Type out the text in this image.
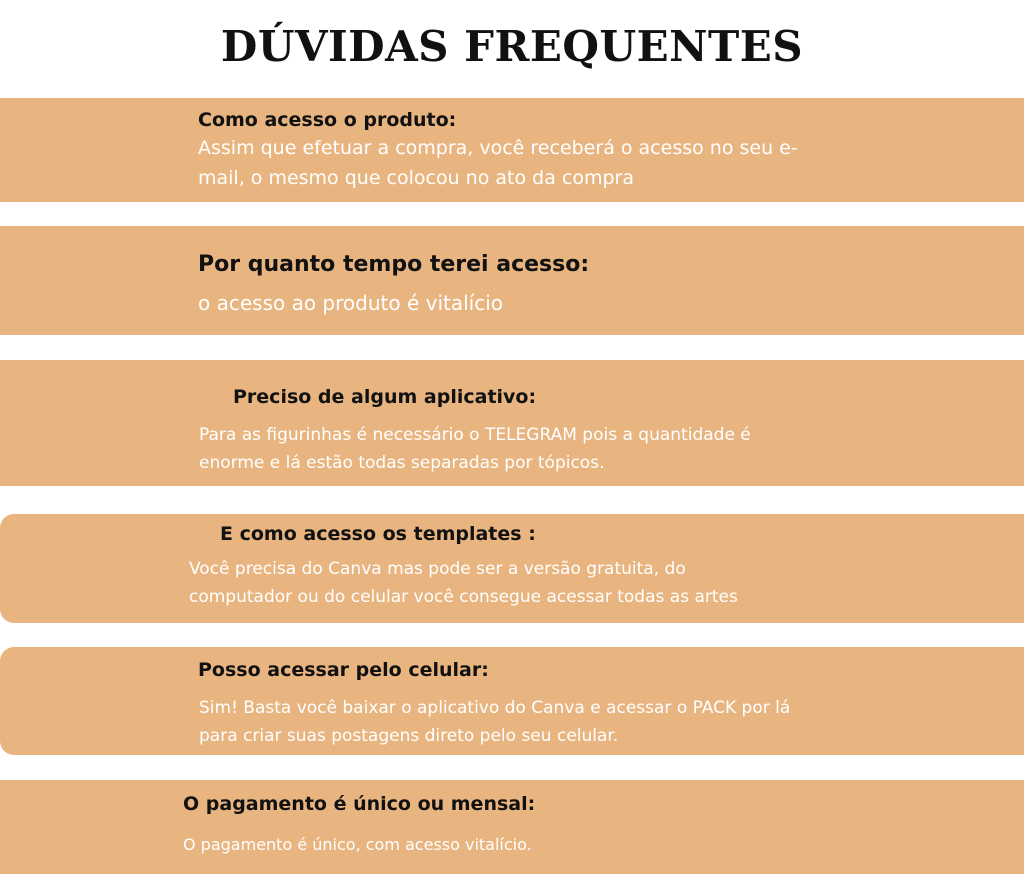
DÚVIDAS FREQUENTES

Como acesso o produto:

Assim que efetuar a compra, você receberá o acesso no seu e-mail, o mesmo que colocou no ato da compra

Por quanto tempo terei acesso:

o acesso ao produto é vitalício

Preciso de algum aplicativo:

Para as figurinhas é necessário o TELEGRAM pois a quantidade é enorme e lá estão todas separadas por tópicos.

E como acesso os templates :

Você precisa do Canva mas pode ser a versão gratuita, do computador ou do celular você consegue acessar todas as artes

Posso acessar pelo celular:

Sim! Basta você baixar o aplicativo do Canva e acessar o PACK por lá para criar suas postagens direto pelo seu celular.

O pagamento é único ou mensal:

O pagamento é único, com acesso vitalício.
